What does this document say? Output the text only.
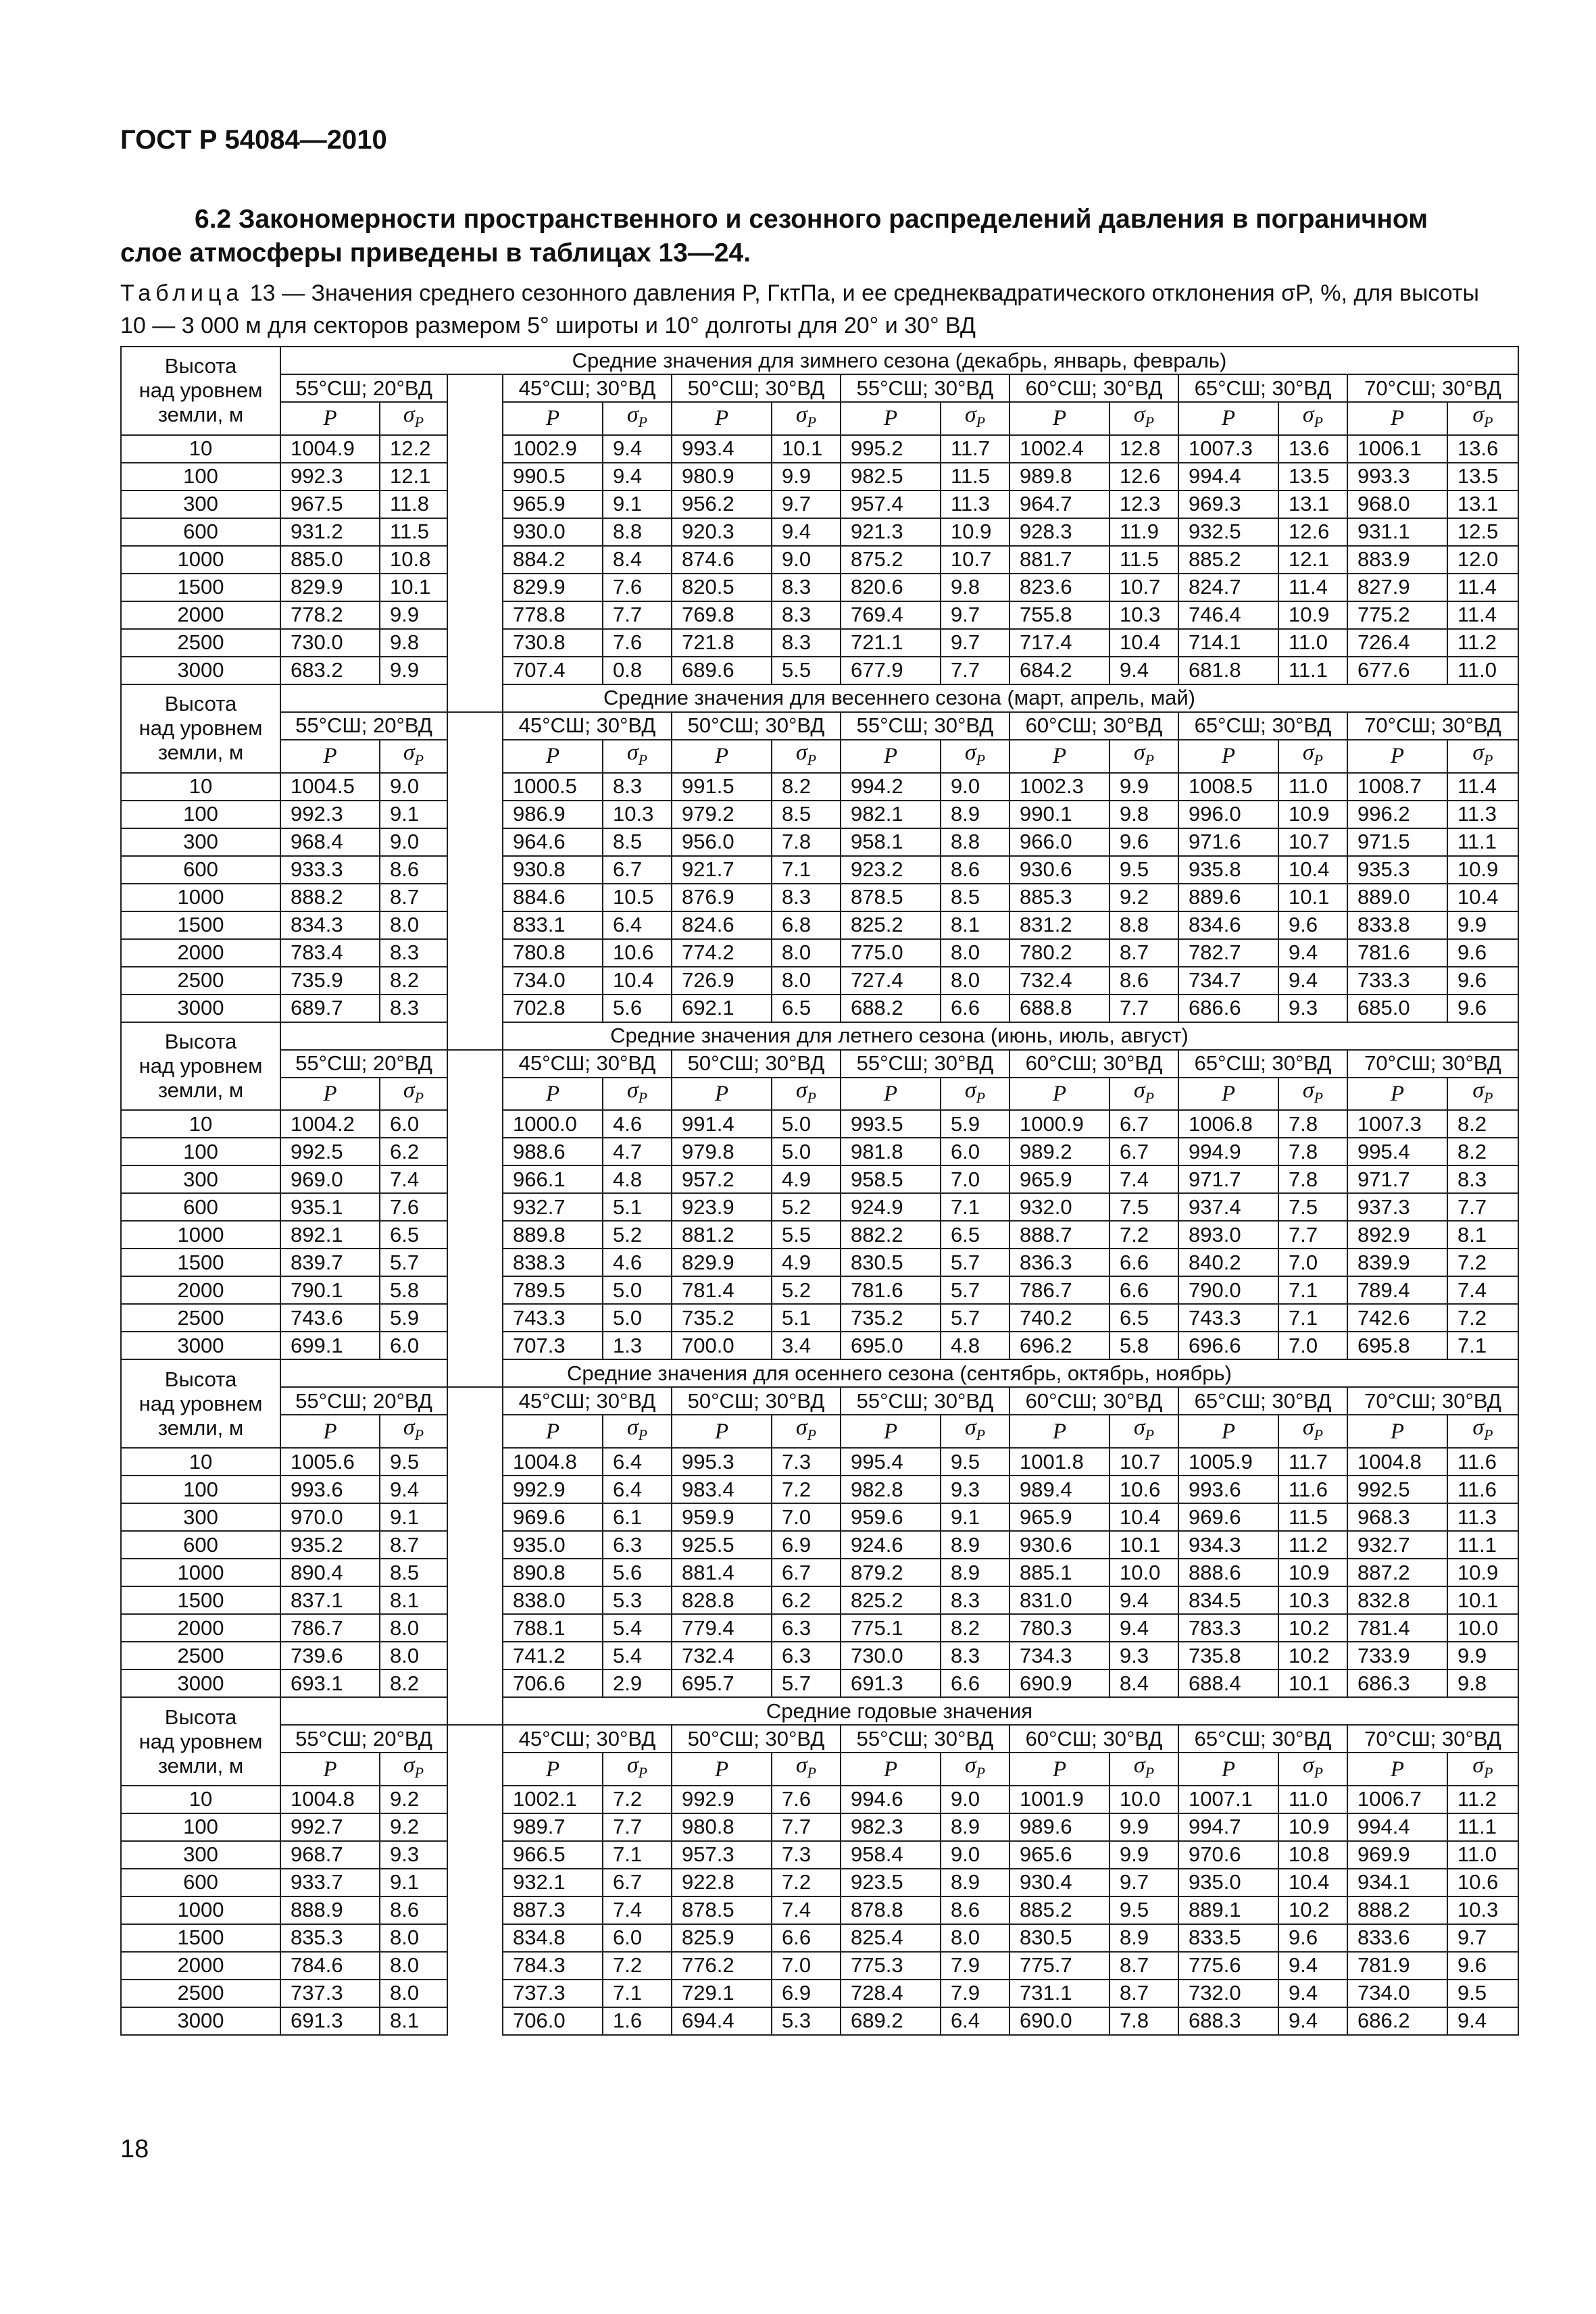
ГОСТ Р 54084—2010
6.2 Закономерности пространственного и сезонного распределений давления в пограничном слое атмосферы приведены в таблицах 13—24.
Таблица 13 — Значения среднего сезонного давления P, ГктПа, и ее среднеквадратического отклонения σP, %, для высоты 10 — 3 000 м для секторов размером 5° широты и 10° долготы для 20° и 30° ВД
Высота
над уровнем
земли, м	Средние значения для зимнего сезона (декабрь, январь, февраль)														
	55°СШ; 20°ВД			45°СШ; 30°ВД		50°СШ; 30°ВД		55°СШ; 30°ВД		60°СШ; 30°ВД		65°СШ; 30°ВД		70°СШ; 30°ВД	
	P	$\sigma_P$		P	$\sigma_P$	P	$\sigma_P$	P	$\sigma_P$	P	$\sigma_P$	P	$\sigma_P$	P	$\sigma_P$
10	1004.9	12.2		1002.9	9.4	993.4	10.1	995.2	11.7	1002.4	12.8	1007.3	13.6	1006.1	13.6
100	992.3	12.1		990.5	9.4	980.9	9.9	982.5	11.5	989.8	12.6	994.4	13.5	993.3	13.5
300	967.5	11.8		965.9	9.1	956.2	9.7	957.4	11.3	964.7	12.3	969.3	13.1	968.0	13.1
600	931.2	11.5		930.0	8.8	920.3	9.4	921.3	10.9	928.3	11.9	932.5	12.6	931.1	12.5
1000	885.0	10.8		884.2	8.4	874.6	9.0	875.2	10.7	881.7	11.5	885.2	12.1	883.9	12.0
1500	829.9	10.1		829.9	7.6	820.5	8.3	820.6	9.8	823.6	10.7	824.7	11.4	827.9	11.4
2000	778.2	9.9		778.8	7.7	769.8	8.3	769.4	9.7	755.8	10.3	746.4	10.9	775.2	11.4
2500	730.0	9.8		730.8	7.6	721.8	8.3	721.1	9.7	717.4	10.4	714.1	11.0	726.4	11.2
3000	683.2	9.9		707.4	0.8	689.6	5.5	677.9	7.7	684.2	9.4	681.8	11.1	677.6	11.0

Высота
над уровнем
земли, м	Средние значения для весеннего сезона (март, апрель, май)														
	55°СШ; 20°ВД			45°СШ; 30°ВД		50°СШ; 30°ВД		55°СШ; 30°ВД		60°СШ; 30°ВД		65°СШ; 30°ВД		70°СШ; 30°ВД	
	P	$\sigma_P$		P	$\sigma_P$	P	$\sigma_P$	P	$\sigma_P$	P	$\sigma_P$	P	$\sigma_P$	P	$\sigma_P$
10	1004.5	9.0		1000.5	8.3	991.5	8.2	994.2	9.0	1002.3	9.9	1008.5	11.0	1008.7	11.4
100	992.3	9.1		986.9	10.3	979.2	8.5	982.1	8.9	990.1	9.8	996.0	10.9	996.2	11.3
300	968.4	9.0		964.6	8.5	956.0	7.8	958.1	8.8	966.0	9.6	971.6	10.7	971.5	11.1
600	933.3	8.6		930.8	6.7	921.7	7.1	923.2	8.6	930.6	9.5	935.8	10.4	935.3	10.9
1000	888.2	8.7		884.6	10.5	876.9	8.3	878.5	8.5	885.3	9.2	889.6	10.1	889.0	10.4
1500	834.3	8.0		833.1	6.4	824.6	6.8	825.2	8.1	831.2	8.8	834.6	9.6	833.8	9.9
2000	783.4	8.3		780.8	10.6	774.2	8.0	775.0	8.0	780.2	8.7	782.7	9.4	781.6	9.6
2500	735.9	8.2		734.0	10.4	726.9	8.0	727.4	8.0	732.4	8.6	734.7	9.4	733.3	9.6
3000	689.7	8.3		702.8	5.6	692.1	6.5	688.2	6.6	688.8	7.7	686.6	9.3	685.0	9.6

Высота
над уровнем
земли, м	Средние значения для летнего сезона (июнь, июль, август)														
	55°СШ; 20°ВД			45°СШ; 30°ВД		50°СШ; 30°ВД		55°СШ; 30°ВД		60°СШ; 30°ВД		65°СШ; 30°ВД		70°СШ; 30°ВД	
	P	$\sigma_P$		P	$\sigma_P$	P	$\sigma_P$	P	$\sigma_P$	P	$\sigma_P$	P	$\sigma_P$	P	$\sigma_P$
10	1004.2	6.0		1000.0	4.6	991.4	5.0	993.5	5.9	1000.9	6.7	1006.8	7.8	1007.3	8.2
100	992.5	6.2		988.6	4.7	979.8	5.0	981.8	6.0	989.2	6.7	994.9	7.8	995.4	8.2
300	969.0	7.4		966.1	4.8	957.2	4.9	958.5	7.0	965.9	7.4	971.7	7.8	971.7	8.3
600	935.1	7.6		932.7	5.1	923.9	5.2	924.9	7.1	932.0	7.5	937.4	7.5	937.3	7.7
1000	892.1	6.5		889.8	5.2	881.2	5.5	882.2	6.5	888.7	7.2	893.0	7.7	892.9	8.1
1500	839.7	5.7		838.3	4.6	829.9	4.9	830.5	5.7	836.3	6.6	840.2	7.0	839.9	7.2
2000	790.1	5.8		789.5	5.0	781.4	5.2	781.6	5.7	786.7	6.6	790.0	7.1	789.4	7.4
2500	743.6	5.9		743.3	5.0	735.2	5.1	735.2	5.7	740.2	6.5	743.3	7.1	742.6	7.2
3000	699.1	6.0		707.3	1.3	700.0	3.4	695.0	4.8	696.2	5.8	696.6	7.0	695.8	7.1

Высота
над уровнем
земли, м	Средние значения для осеннего сезона (сентябрь, октябрь, ноябрь)														
	55°СШ; 20°ВД			45°СШ; 30°ВД		50°СШ; 30°ВД		55°СШ; 30°ВД		60°СШ; 30°ВД		65°СШ; 30°ВД		70°СШ; 30°ВД	
	P	$\sigma_P$		P	$\sigma_P$	P	$\sigma_P$	P	$\sigma_P$	P	$\sigma_P$	P	$\sigma_P$	P	$\sigma_P$
10	1005.6	9.5		1004.8	6.4	995.3	7.3	995.4	9.5	1001.8	10.7	1005.9	11.7	1004.8	11.6
100	993.6	9.4		992.9	6.4	983.4	7.2	982.8	9.3	989.4	10.6	993.6	11.6	992.5	11.6
300	970.0	9.1		969.6	6.1	959.9	7.0	959.6	9.1	965.9	10.4	969.6	11.5	968.3	11.3
600	935.2	8.7		935.0	6.3	925.5	6.9	924.6	8.9	930.6	10.1	934.3	11.2	932.7	11.1
1000	890.4	8.5		890.8	5.6	881.4	6.7	879.2	8.9	885.1	10.0	888.6	10.9	887.2	10.9
1500	837.1	8.1		838.0	5.3	828.8	6.2	825.2	8.3	831.0	9.4	834.5	10.3	832.8	10.1
2000	786.7	8.0		788.1	5.4	779.4	6.3	775.1	8.2	780.3	9.4	783.3	10.2	781.4	10.0
2500	739.6	8.0		741.2	5.4	732.4	6.3	730.0	8.3	734.3	9.3	735.8	10.2	733.9	9.9
3000	693.1	8.2		706.6	2.9	695.7	5.7	691.3	6.6	690.9	8.4	688.4	10.1	686.3	9.8

Высота
над уровнем
земли, м	Средние годовые значения														
	55°СШ; 20°ВД			45°СШ; 30°ВД		50°СШ; 30°ВД		55°СШ; 30°ВД		60°СШ; 30°ВД		65°СШ; 30°ВД		70°СШ; 30°ВД	
	P	$\sigma_P$		P	$\sigma_P$	P	$\sigma_P$	P	$\sigma_P$	P	$\sigma_P$	P	$\sigma_P$	P	$\sigma_P$
10	1004.8	9.2		1002.1	7.2	992.9	7.6	994.6	9.0	1001.9	10.0	1007.1	11.0	1006.7	11.2
100	992.7	9.2		989.7	7.7	980.8	7.7	982.3	8.9	989.6	9.9	994.7	10.9	994.4	11.1
300	968.7	9.3		966.5	7.1	957.3	7.3	958.4	9.0	965.6	9.9	970.6	10.8	969.9	11.0
600	933.7	9.1		932.1	6.7	922.8	7.2	923.5	8.9	930.4	9.7	935.0	10.4	934.1	10.6
1000	888.9	8.6		887.3	7.4	878.5	7.4	878.8	8.6	885.2	9.5	889.1	10.2	888.2	10.3
1500	835.3	8.0		834.8	6.0	825.9	6.6	825.4	8.0	830.5	8.9	833.5	9.6	833.6	9.7
2000	784.6	8.0		784.3	7.2	776.2	7.0	775.3	7.9	775.7	8.7	775.6	9.4	781.9	9.6
2500	737.3	8.0		737.3	7.1	729.1	6.9	728.4	7.9	731.1	8.7	732.0	9.4	734.0	9.5
3000	691.3	8.1		706.0	1.6	694.4	5.3	689.2	6.4	690.0	7.8	688.3	9.4	686.2	9.4
18
